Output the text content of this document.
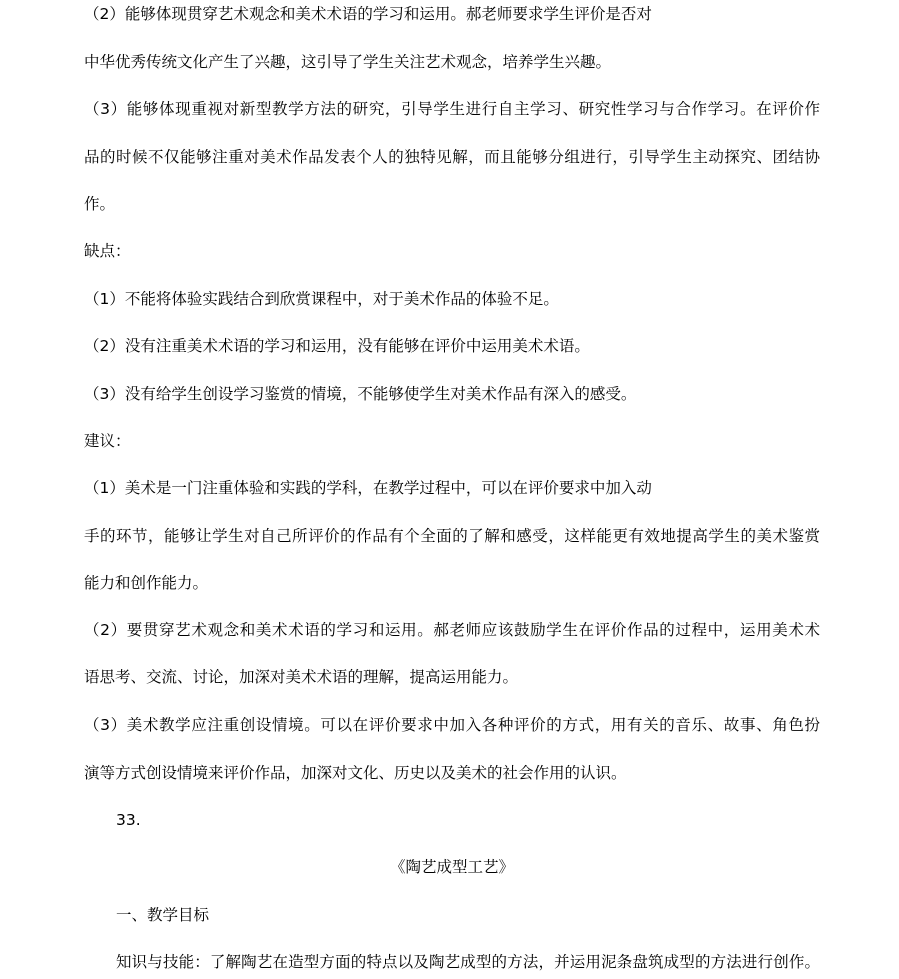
（2）能够体现贯穿艺术观念和美术术语的学习和运用。郝老师要求学生评价是否对
中华优秀传统文化产生了兴趣，这引导了学生关注艺术观念，培养学生兴趣。
（3）能够体现重视对新型教学方法的研究，引导学生进行自主学习、研究性学习与合作学习。在评价作
品的时候不仅能够注重对美术作品发表个人的独特见解，而且能够分组进行，引导学生主动探究、团结协
作。
缺点：
（1）不能将体验实践结合到欣赏课程中，对于美术作品的体验不足。
（2）没有注重美术术语的学习和运用，没有能够在评价中运用美术术语。
（3）没有给学生创设学习鉴赏的情境，不能够使学生对美术作品有深入的感受。
建议：
（1）美术是一门注重体验和实践的学科，在教学过程中，可以在评价要求中加入动
手的环节，能够让学生对自己所评价的作品有个全面的了解和感受，这样能更有效地提高学生的美术鉴赏
能力和创作能力。
（2）要贯穿艺术观念和美术术语的学习和运用。郝老师应该鼓励学生在评价作品的过程中，运用美术术
语思考、交流、讨论，加深对美术术语的理解，提高运用能力。
（3）美术教学应注重创设情境。可以在评价要求中加入各种评价的方式，用有关的音乐、故事、角色扮
演等方式创设情境来评价作品，加深对文化、历史以及美术的社会作用的认识。
33.
《陶艺成型工艺》
一、教学目标
知识与技能：了解陶艺在造型方面的特点以及陶艺成型的方法，并运用泥条盘筑成型的方法进行创作。
